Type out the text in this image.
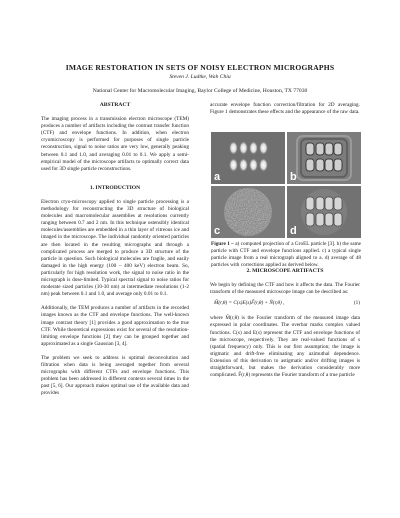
IMAGE RESTORATION IN SETS OF NOISY ELECTRON MICROGRAPHS
Steven J. Ludtke, Wah Chiu
National Center for Macromolecular Imaging, Baylor College of Medicine, Houston, TX 77030
ABSTRACT

The imaging process in a transmission electron microscope (TEM) produces a number of artifacts including the contrast transfer function (CTF) and envelope functions. In addition, when electron cryomicroscopy is performed for purposes of single particle reconstruction, signal to noise ratios are very low, generally peaking between 0.1 and 1.0, and averaging 0.01 to 0.1. We apply a semi-empirical model of the microscope artifacts to optimally correct data used for 3D single particle reconstructions.

1. INTRODUCTION

Electron cryo-microscopy applied to single particle processing is a methodology for reconstructing the 3D structure of biological molecules and macromolecular assemblies at resolutions currently ranging between 0.7 and 2 nm. In this technique ostensibly identical molecules/assemblies are embedded in a thin layer of vitreous ice and imaged in the microscope. The individual randomly oriented particles are then located in the resulting micrographs and through a complicated process are merged to produce a 3D structure of the particle in question. Such biological molecules are fragile, and easily damaged in the high energy (100 – 400 keV) electron beam. So, particularly for high resolution work, the signal to noise ratio in the micrograph is dose-limited. Typical spectral signal to noise ratios for moderate sized particles (10-30 nm) at intermediate resolutions (1-2 nm) peak between 0.1 and 1.0, and average only 0.01 to 0.1.

Additionally, the TEM produces a number of artifacts in the recorded images known as the CTF and envelope functions. The well-known image contrast theory [1] provides a good approximation to the true CTF. While theoretical expressions exist for several of the resolution-limiting envelope functions [2] they can be grouped together and approximated as a single Gaussian [3, 4].

The problem we seek to address is optimal deconvolution and filtration when data is being averaged together from several micrographs with different CTFs and envelope functions. This problem has been addressed in different contexts several times in the past [5, 6]. Our approach makes optimal use of the available data and provides

accurate envelope function correction/filtration for 2D averaging. Figure 1 demonstrates these effects and the appearance of the raw data.

a	b
c	d
Figure 1 – a) computed projection of a GroEL particle [3]. b) the same particle with CTF and envelope functions applied. c) a typical single particle image from a real micrograph aligned to a. d) average of 48 particles with corrections applied as derived below.
2. MICROSCOPE ARTIFACTS

We begin by defining the CTF and how it affects the data. The Fourier transform of the measured microscope image can be described as:

M̃(r,θ) = C(s)E(s)F̃(r,θ) + Ñ(r,θ) ,	(1)

where M̃(r,θ) is the Fourier transform of the measured image data expressed in polar coordinates. The overbar marks complex valued functions. C(s) and E(s) represent the CTF and envelope functions of the microscope, respectively. They are real-valued functions of s (spatial frequency) only. This is our first assumption; the image is stigmatic and drift-free eliminating any azimuthal dependence. Extension of this derivation to astigmatic and/or drifting images is straightforward, but makes the derivation considerably more complicated. F̃(r,θ) represents the Fourier transform of a true particle
